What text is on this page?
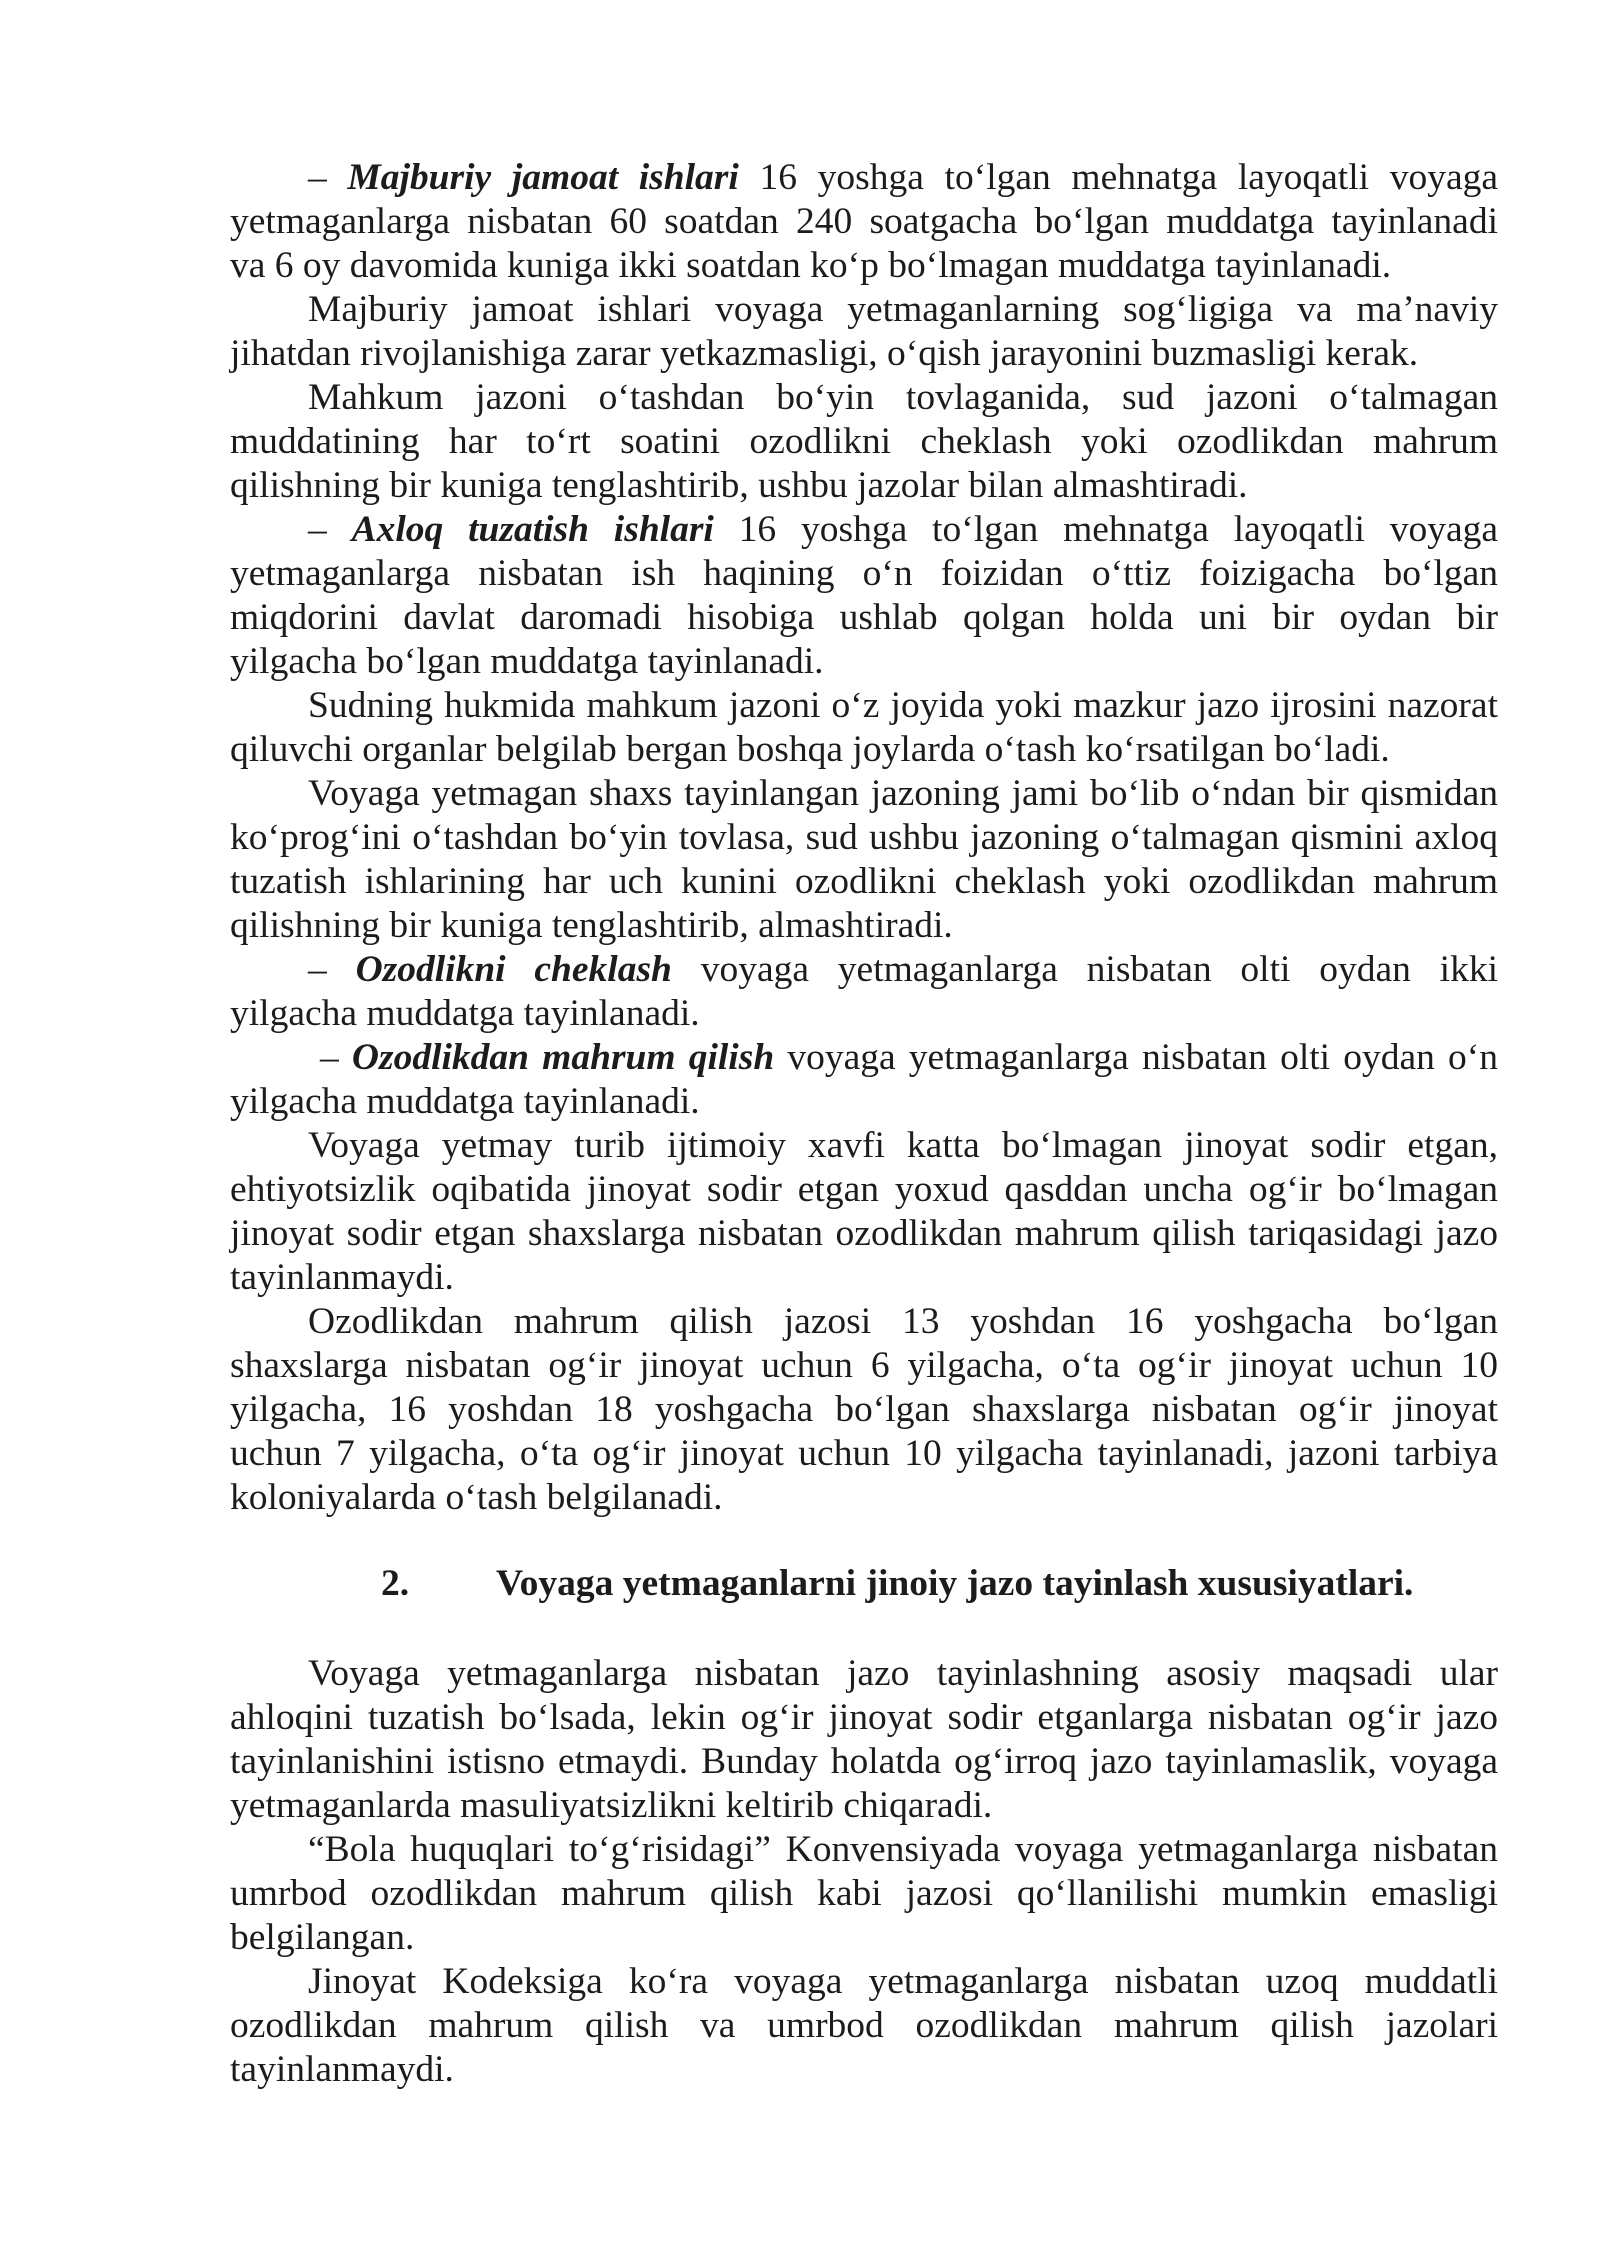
– Majburiy jamoat ishlari 16 yoshga to‘lgan mehnatga layoqatli voyaga
yetmaganlarga nisbatan 60 soatdan 240 soatgacha bo‘lgan muddatga tayinlanadi
va 6 oy davomida kuniga ikki soatdan ko‘p bo‘lmagan muddatga tayinlanadi.
Majburiy jamoat ishlari voyaga yetmaganlarning sog‘ligiga va ma’naviy
jihatdan rivojlanishiga zarar yetkazmasligi, o‘qish jarayonini buzmasligi kerak.
Mahkum jazoni o‘tashdan bo‘yin tovlaganida, sud jazoni o‘talmagan
muddatining har to‘rt soatini ozodlikni cheklash yoki ozodlikdan mahrum
qilishning bir kuniga tenglashtirib, ushbu jazolar bilan almashtiradi.
– Axloq tuzatish ishlari 16 yoshga to‘lgan mehnatga layoqatli voyaga
yetmaganlarga nisbatan ish haqining o‘n foizidan o‘ttiz foizigacha bo‘lgan
miqdorini davlat daromadi hisobiga ushlab qolgan holda uni bir oydan bir
yilgacha bo‘lgan muddatga tayinlanadi.
Sudning hukmida mahkum jazoni o‘z joyida yoki mazkur jazo ijrosini nazorat
qiluvchi organlar belgilab bergan boshqa joylarda o‘tash ko‘rsatilgan bo‘ladi.
Voyaga yetmagan shaxs tayinlangan jazoning jami bo‘lib o‘ndan bir qismidan
ko‘prog‘ini o‘tashdan bo‘yin tovlasa, sud ushbu jazoning o‘talmagan qismini axloq
tuzatish ishlarining har uch kunini ozodlikni cheklash yoki ozodlikdan mahrum
qilishning bir kuniga tenglashtirib, almashtiradi.
– Ozodlikni cheklash voyaga yetmaganlarga nisbatan olti oydan ikki
yilgacha muddatga tayinlanadi.
– Ozodlikdan mahrum qilish voyaga yetmaganlarga nisbatan olti oydan o‘n
yilgacha muddatga tayinlanadi.
Voyaga yetmay turib ijtimoiy xavfi katta bo‘lmagan jinoyat sodir etgan,
ehtiyotsizlik oqibatida jinoyat sodir etgan yoxud qasddan uncha og‘ir bo‘lmagan
jinoyat sodir etgan shaxslarga nisbatan ozodlikdan mahrum qilish tariqasidagi jazo
tayinlanmaydi.
Ozodlikdan mahrum qilish jazosi 13 yoshdan 16 yoshgacha bo‘lgan
shaxslarga nisbatan og‘ir jinoyat uchun 6 yilgacha, o‘ta og‘ir jinoyat uchun 10
yilgacha, 16 yoshdan 18 yoshgacha bo‘lgan shaxslarga nisbatan og‘ir jinoyat
uchun 7 yilgacha, o‘ta og‘ir jinoyat uchun 10 yilgacha tayinlanadi, jazoni tarbiya
koloniyalarda o‘tash belgilanadi.
2. Voyaga yetmaganlarni jinoiy jazo tayinlash xususiyatlari.
Voyaga yetmaganlarga nisbatan jazo tayinlashning asosiy maqsadi ular
ahloqini tuzatish bo‘lsada, lekin og‘ir jinoyat sodir etganlarga nisbatan og‘ir jazo
tayinlanishini istisno etmaydi. Bunday holatda og‘irroq jazo tayinlamaslik, voyaga
yetmaganlarda masuliyatsizlikni keltirib chiqaradi.
“Bola huquqlari to‘g‘risidagi” Konvensiyada voyaga yetmaganlarga nisbatan
umrbod ozodlikdan mahrum qilish kabi jazosi qo‘llanilishi mumkin emasligi
belgilangan.
Jinoyat Kodeksiga ko‘ra voyaga yetmaganlarga nisbatan uzoq muddatli
ozodlikdan mahrum qilish va umrbod ozodlikdan mahrum qilish jazolari
tayinlanmaydi.
